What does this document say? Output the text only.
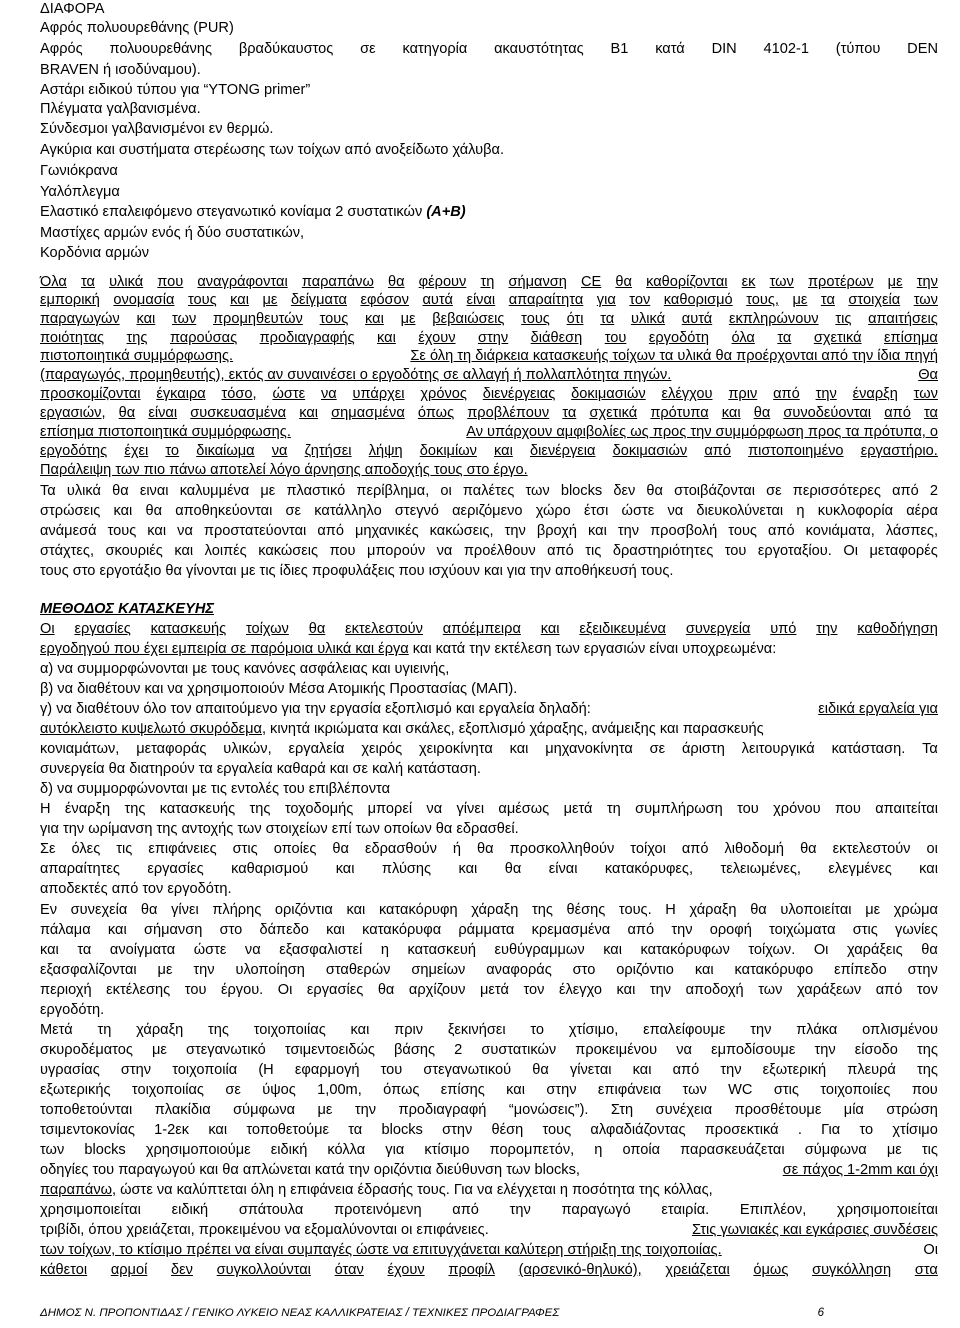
ΔΙΑΦΟΡΑ
Αφρός πολυουρεθάνης (PUR)
Αφρός πολυουρεθάνης βραδύκαυστος σε κατηγορία ακαυστότητας B1 κατά DIN 4102-1 (τύπου DEN
BRAVEN ή ισοδύναμου).
Αστάρι ειδικού τύπου για “YTONG primer”
Πλέγματα γαλβανισμένα.
Σύνδεσμοι γαλβανισμένοι εν θερμώ.
Αγκύρια και συστήματα στερέωσης των τοίχων από ανοξείδωτο χάλυβα.
Γωνιόκρανα
Υαλόπλεγμα
Ελαστικό επαλειφόμενο στεγανωτικό κονίαμα 2 συστατικών (A+B)
Μαστίχες αρμών ενός ή δύο συστατικών,
Κορδόνια αρμών
Όλα τα υλικά που αναγράφονται παραπάνω θα φέρουν τη σήμανση CE θα καθορίζονται εκ των προτέρων με την
εμπορική ονομασία τους και με δείγματα εφόσον αυτά είναι απαραίτητα για τον καθορισμό τους, με τα στοιχεία των
παραγωγών και των προμηθευτών τους και με βεβαιώσεις τους ότι τα υλικά αυτά εκπληρώνουν τις απαιτήσεις
ποιότητας της παρούσας προδιαγραφής και έχουν στην διάθεση του εργοδότη όλα τα σχετικά επίσημα
πιστοποιητικά συμμόρφωσης.	Σε όλη τη διάρκεια κατασκευής τοίχων τα υλικά θα προέρχονται από την ίδια πηγή
(παραγωγός, προμηθευτής), εκτός αν συναινέσει ο εργοδότης σε αλλαγή ή πολλαπλότητα πηγών.	Θα
προσκομίζονται έγκαιρα τόσο, ώστε να υπάρχει χρόνος διενέργειας δοκιμασιών ελέγχου πριν από την έναρξη των
εργασιών, θα είναι συσκευασμένα και σημασμένα όπως προβλέπουν τα σχετικά πρότυπα και θα συνοδεύονται από τα
επίσημα πιστοποιητικά συμμόρφωσης.	Αν υπάρχουν αμφιβολίες ως προς την συμμόρφωση προς τα πρότυπα, ο
εργοδότης έχει το δικαίωμα να ζητήσει λήψη δοκιμίων και διενέργεια δοκιμασιών από πιστοποιημένο εργαστήριο.
Παράλειψη των πιο πάνω αποτελεί λόγο άρνησης αποδοχής τους στο έργο.
Τα υλικά θα ειναι καλυμμένα με πλαστικό περίβλημα, οι παλέτες των blocks δεν θα στοιβάζονται σε περισσότερες από 2
στρώσεις και θα αποθηκεύονται σε κατάλληλο στεγνό αεριζόμενο χώρο έτσι ώστε να διευκολύνεται η κυκλοφορία αέρα
ανάμεσά τους και να προστατεύονται από μηχανικές κακώσεις, την βροχή και την προσβολή τους από κονιάματα, λάσπες,
στάχτες, σκουριές και λοιπές κακώσεις που μπορούν να προέλθουν από τις δραστηριότητες του εργοταξίου. Οι μεταφορές
τους στο εργοτάξιο θα γίνονται με τις ίδιες προφυλάξεις που ισχύουν και για την αποθήκευσή τους.
ΜΕΘΟΔΟΣ ΚΑΤΑΣΚΕΥΗΣ
Οι εργασίες κατασκευής τοίχων θα εκτελεστούν απόέμπειρα και εξειδικευμένα συνεργεία υπό την καθοδήγηση
εργοδηγού που έχει εμπειρία σε παρόμοια υλικά και έργα και κατά την εκτέλεση των εργασιών είναι υποχρεωμένα:
α) να συμμορφώνονται με τους κανόνες ασφάλειας και υγιεινής,
β) να διαθέτουν και να χρησιμοποιούν Μέσα Ατομικής Προστασίας (ΜΑΠ).
γ) να διαθέτουν όλο τον απαιτούμενο για την εργασία εξοπλισμό και εργαλεία δηλαδή:	ειδικά εργαλεία για
αυτόκλειστο κυψελωτό σκυρόδεμα, κινητά ικριώματα και σκάλες, εξοπλισμό χάραξης, ανάμειξης και παρασκευής
κονιαμάτων, μεταφοράς υλικών, εργαλεία χειρός χειροκίνητα και μηχανοκίνητα σε άριστη λειτουργικά κατάσταση. Τα
συνεργεία θα διατηρούν τα εργαλεία καθαρά και σε καλή κατάσταση.
δ) να συμμορφώνονται με τις εντολές του επιβλέποντα
Η έναρξη της κατασκευής της τοχοδομής μπορεί να γίνει αμέσως μετά τη συμπλήρωση του χρόνου που απαιτείται
για την ωρίμανση της αντοχής των στοιχείων επί των οποίων θα εδρασθεί.
Σε όλες τις επιφάνειες στις οποίες θα εδρασθούν ή θα προσκολληθούν τοίχοι από λιθοδομή θα εκτελεστούν οι
απαραίτητες εργασίες καθαρισμού και πλύσης και θα είναι κατακόρυφες, τελειωμένες, ελεγμένες και
αποδεκτές από τον εργοδότη.
Εν συνεχεία θα γίνει πλήρης οριζόντια και κατακόρυφη χάραξη της θέσης τους. Η χάραξη θα υλοποιείται με χρώμα
πάλαμα και σήμανση στο δάπεδο και κατακόρυφα ράμματα κρεμασμένα από την οροφή τοιχώματα στις γωνίες
και τα ανοίγματα ώστε να εξασφαλιστεί η κατασκευή ευθύγραμμων και κατακόρυφων τοίχων. Οι χαράξεις θα
εξασφαλίζονται με την υλοποίηση σταθερών σημείων αναφοράς στο οριζόντιο και κατακόρυφο επίπεδο στην
περιοχή εκτέλεσης του έργου. Οι εργασίες θα αρχίζουν μετά τον έλεγχο και την αποδοχή των χαράξεων από τον
εργοδότη.
Μετά τη χάραξη της τοιχοποιίας και πριν ξεκινήσει το χτίσιμο, επαλείφουμε την πλάκα οπλισμένου
σκυροδέματος με στεγανωτικό τσιμεντοειδώς βάσης 2 συστατικών προκειμένου να εμποδίσουμε την είσοδο της
υγρασίας στην τοιχοποιία (Η εφαρμογή του στεγανωτικού θα γίνεται και από την εξωτερική πλευρά της
εξωτερικής τοιχοποιίας σε ύψος 1,00m, όπως επίσης και στην επιφάνεια των WC στις τοιχοποιίες που
τοποθετούνται πλακίδια σύμφωνα με την προδιαγραφή “μονώσεις”). Στη συνέχεια προσθέτουμε μία στρώση
τσιμεντοκονίας 1-2εκ και τοποθετούμε τα blocks στην θέση τους αλφαδιάζοντας προσεκτικά . Για το χτίσιμο
των blocks χρησιμοποιούμε ειδική κόλλα για κτίσιμο πορομπετόν, η οποία παρασκευάζεται σύμφωνα με τις
οδηγίες του παραγωγού και θα απλώνεται κατά την οριζόντια διεύθυνση των blocks,	σε πάχος 1-2mm και όχι
παραπάνω, ώστε να καλύπτεται όλη η επιφάνεια έδρασής τους. Για να ελέγχεται η ποσότητα της κόλλας,
χρησιμοποιείται ειδική σπάτουλα προτεινόμενη από την παραγωγό εταιρία. Επιπλέον, χρησιμοποιείται
τριβίδι, όπου χρειάζεται, προκειμένου να εξομαλύνονται οι επιφάνειες.	Στις γωνιακές και εγκάρσιες συνδέσεις
των τοίχων, το κτίσιμο πρέπει να είναι συμπαγές ώστε να επιτυγχάνεται καλύτερη στήριξη της τοιχοποιίας.	Οι
κάθετοι αρμοί δεν συγκολλούνται όταν έχουν προφίλ (αρσενικό-θηλυκό), χρειάζεται όμως συγκόλληση στα
ΔΗΜΟΣ Ν. ΠΡΟΠΟΝΤΙΔΑΣ / ΓΕΝΙΚΟ ΛΥΚΕΙΟ ΝΕΑΣ ΚΑΛΛΙΚΡΑΤΕΙΑΣ / ΤΕΧΝΙΚΕΣ ΠΡΟΔΙΑΓΡΑΦΕΣ	6
